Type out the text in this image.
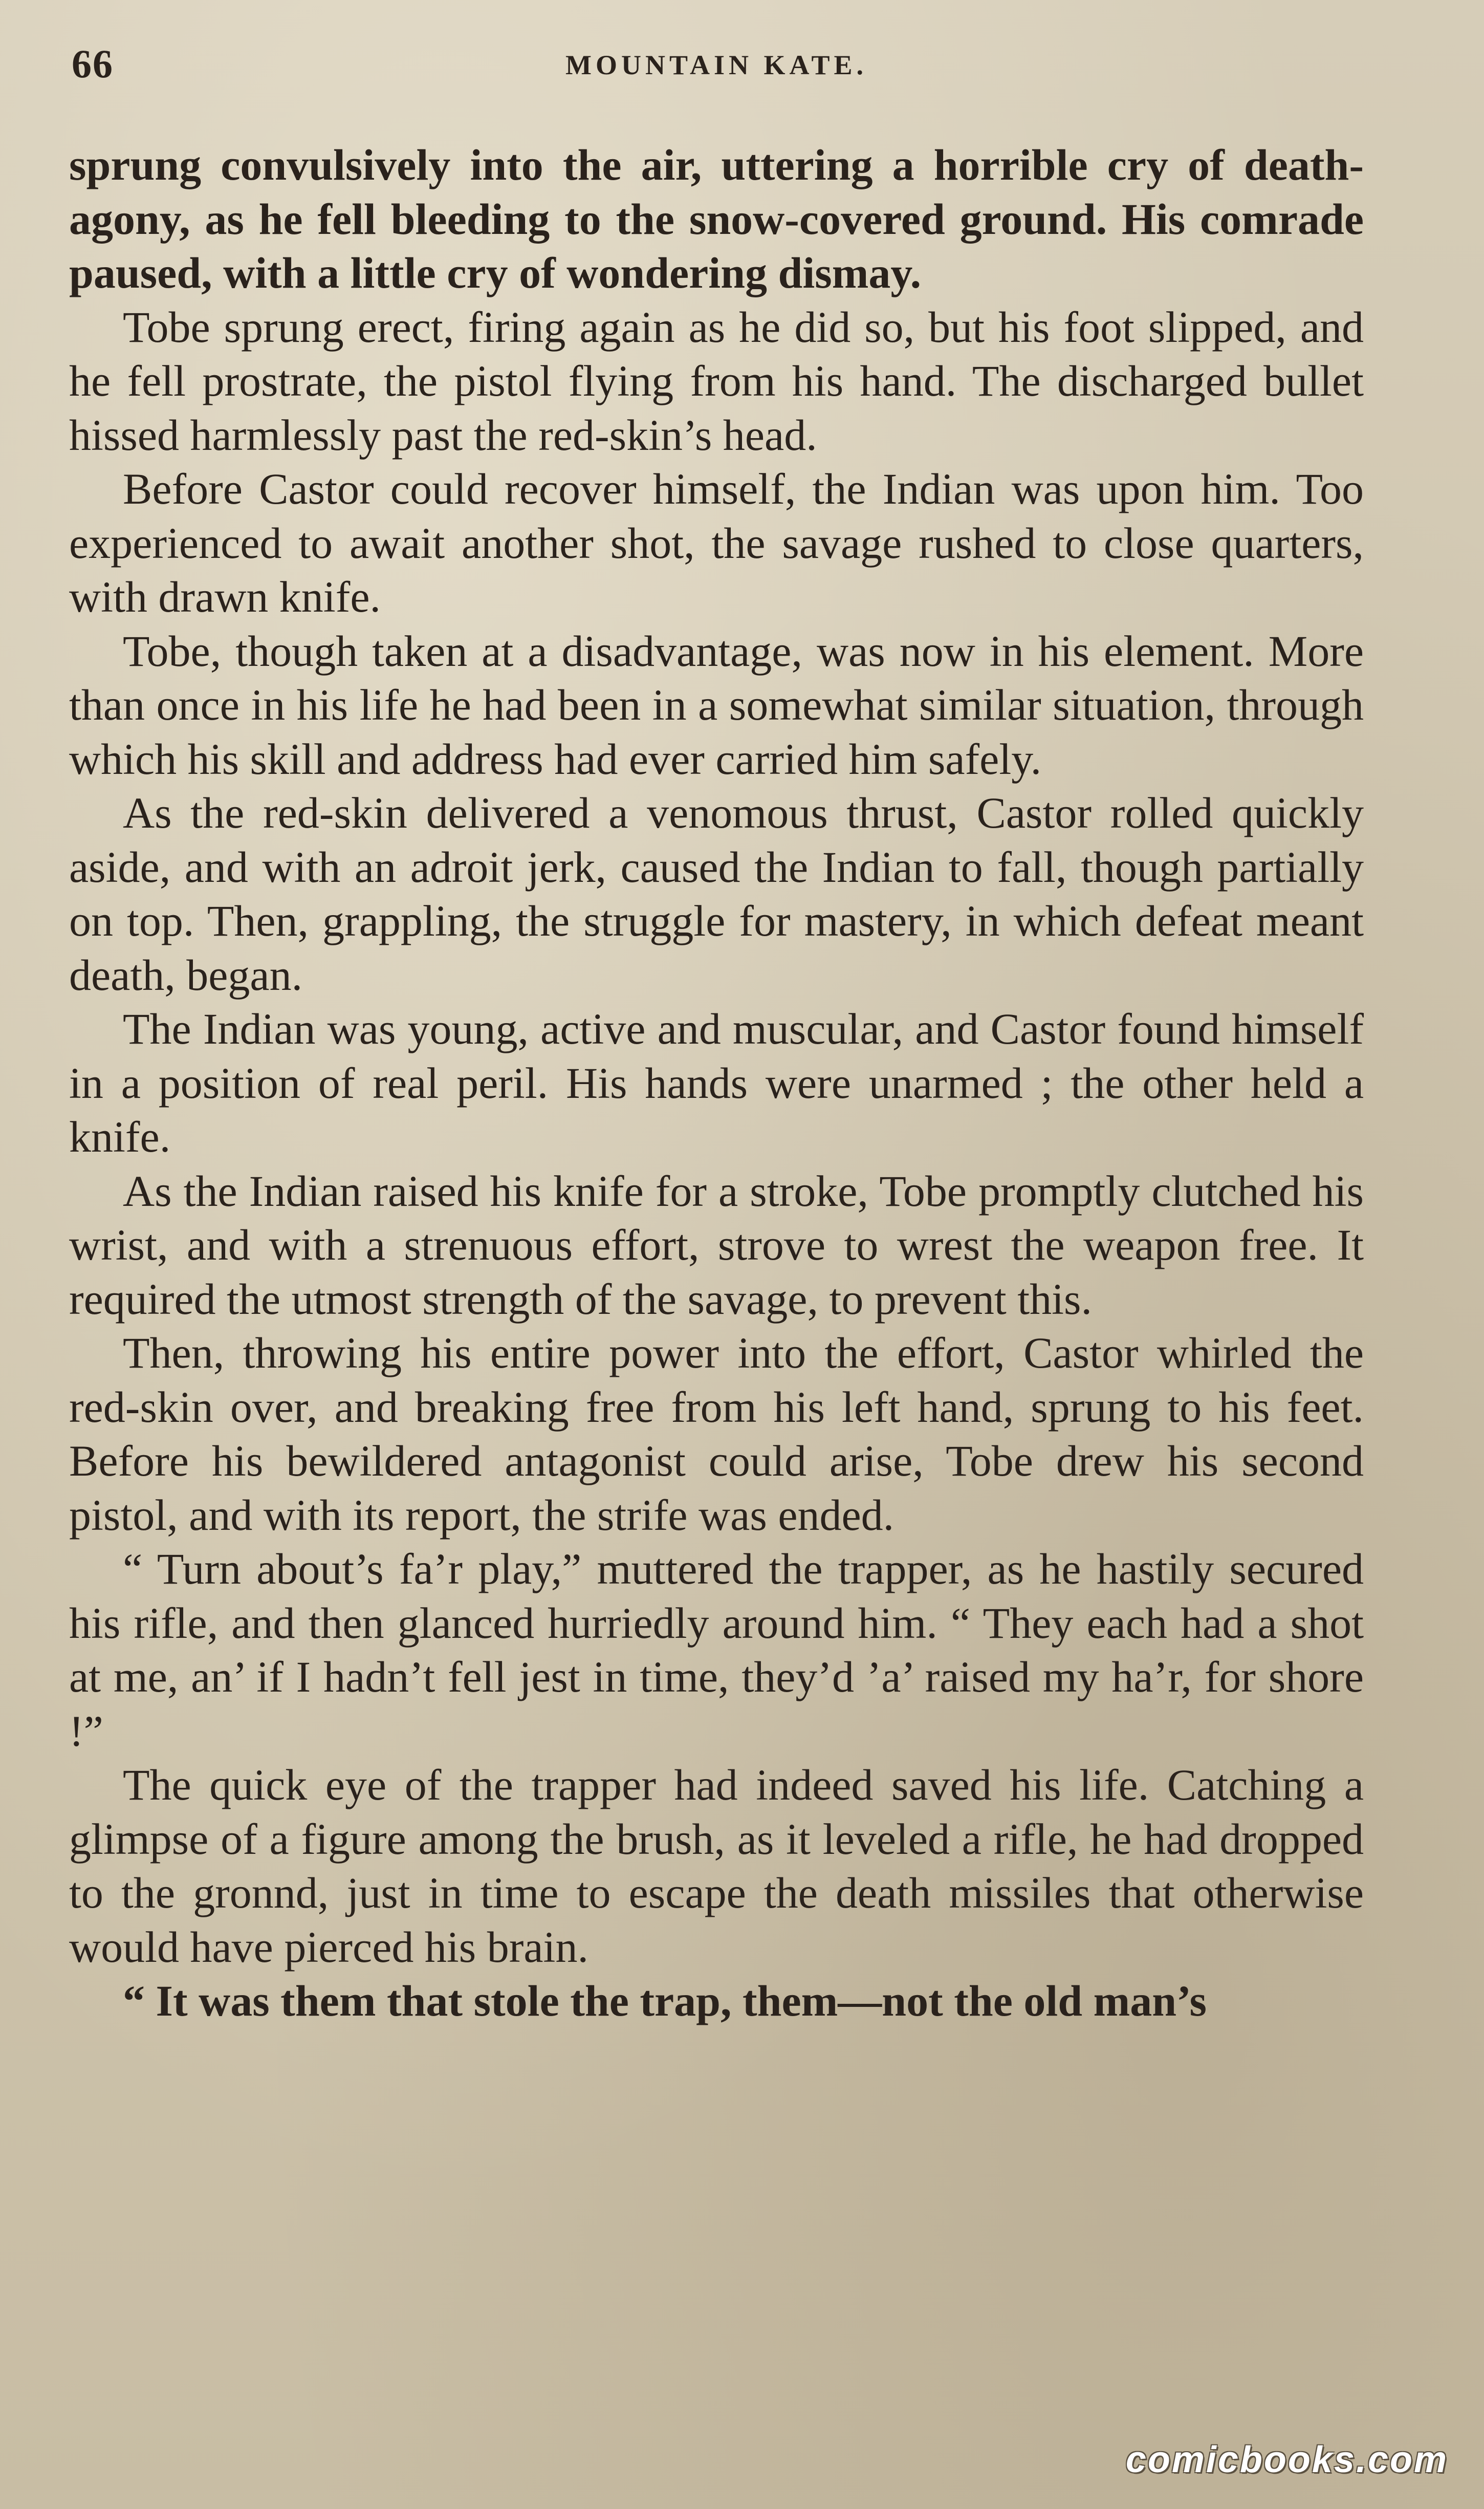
66	MOUNTAIN KATE.

sprung convulsively into the air, uttering a horrible cry of death-agony, as he fell bleeding to the snow-covered ground. His comrade paused, with a little cry of wondering dismay.

Tobe sprung erect, firing again as he did so, but his foot slipped, and he fell prostrate, the pistol flying from his hand. The discharged bullet hissed harmlessly past the red-skin’s head.

Before Castor could recover himself, the Indian was upon him. Too experienced to await another shot, the savage rushed to close quarters, with drawn knife.

Tobe, though taken at a disadvantage, was now in his element. More than once in his life he had been in a somewhat similar situation, through which his skill and address had ever carried him safely.

As the red-skin delivered a venomous thrust, Castor rolled quickly aside, and with an adroit jerk, caused the Indian to fall, though partially on top. Then, grappling, the struggle for mastery, in which defeat meant death, began.

The Indian was young, active and muscular, and Castor found himself in a position of real peril. His hands were unarmed ; the other held a knife.

As the Indian raised his knife for a stroke, Tobe promptly clutched his wrist, and with a strenuous effort, strove to wrest the weapon free. It required the utmost strength of the savage, to prevent this.

Then, throwing his entire power into the effort, Castor whirled the red-skin over, and breaking free from his left hand, sprung to his feet. Before his bewildered antagonist could arise, Tobe drew his second pistol, and with its report, the strife was ended.

“ Turn about’s fa’r play,” muttered the trapper, as he hastily secured his rifle, and then glanced hurriedly around him. “ They each had a shot at me, an’ if I hadn’t fell jest in time, they’d ’a’ raised my ha’r, for shore !”

The quick eye of the trapper had indeed saved his life. Catching a glimpse of a figure among the brush, as it leveled a rifle, he had dropped to the gronnd, just in time to escape the death missiles that otherwise would have pierced his brain.

“ It was them that stole the trap, them—not the old man’s

comicbooks.com
